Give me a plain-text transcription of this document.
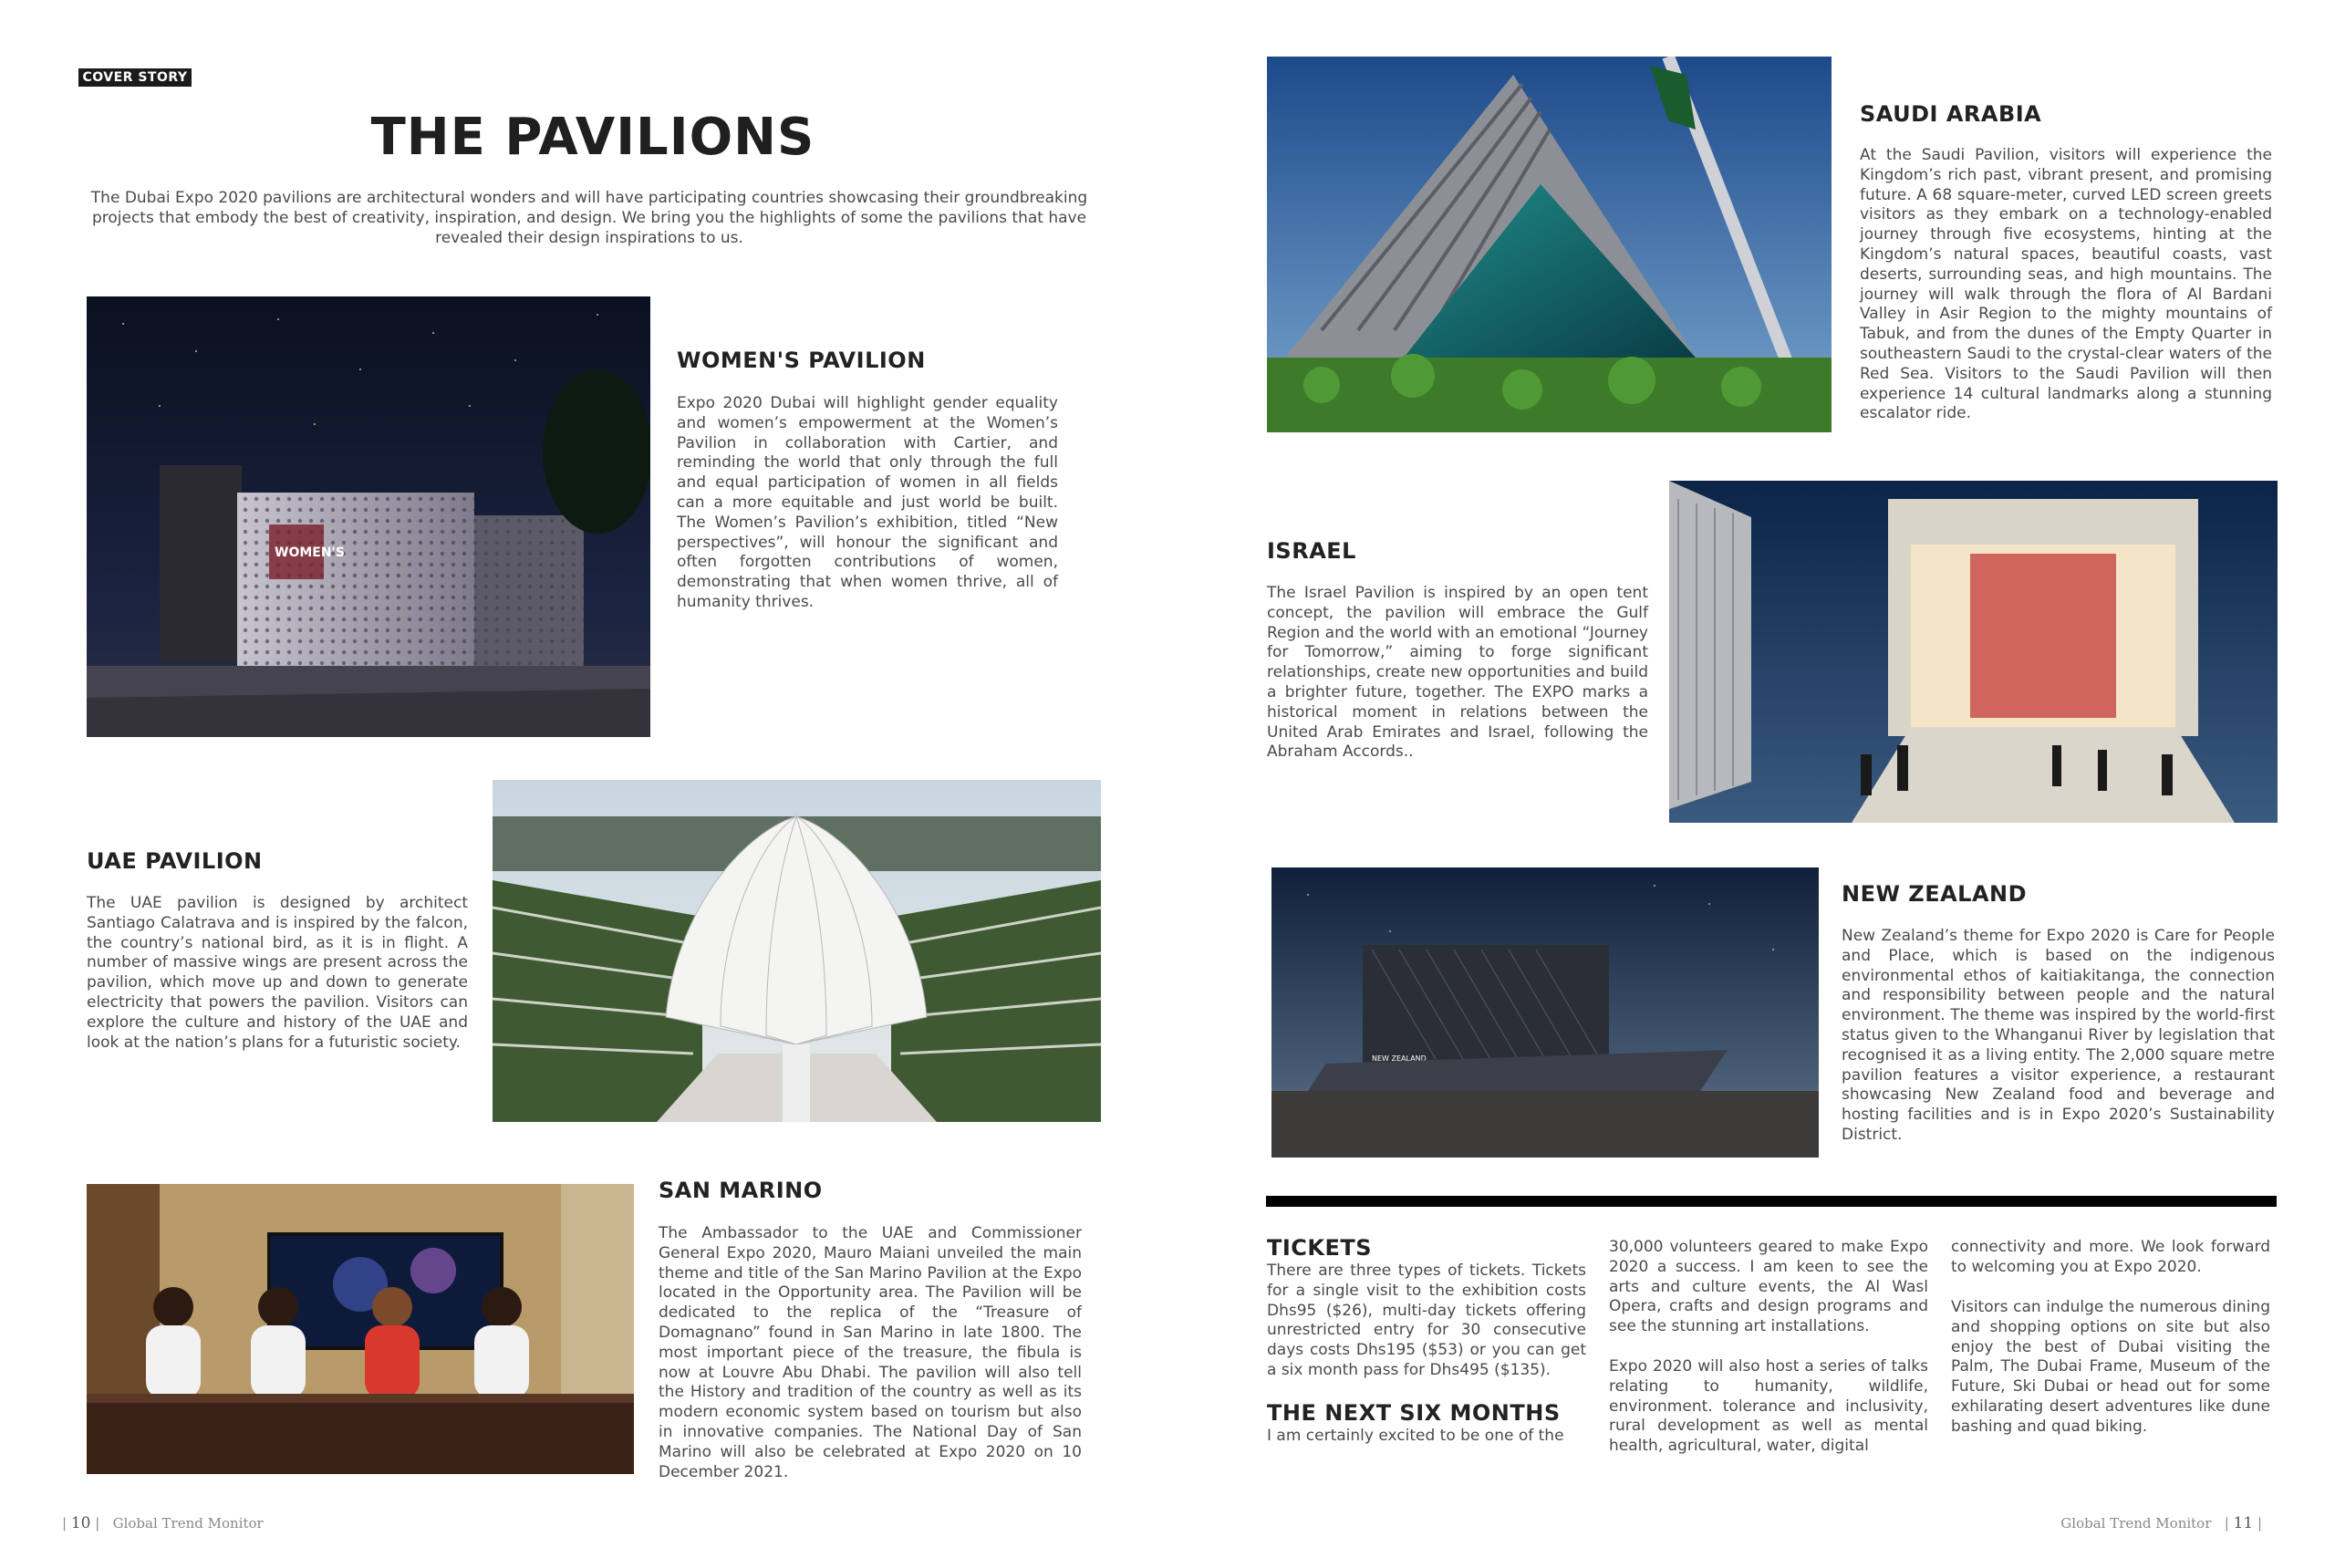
COVER STORY
THE PAVILIONS
The Dubai Expo 2020 pavilions are architectural wonders and will have participating countries showcasing their groundbreaking projects that embody the best of creativity, inspiration, and design. We bring you the highlights of some the pavilions that have revealed their design inspirations to us.
WOMEN'S
WOMEN'S PAVILION
Expo 2020 Dubai will highlight gender equality and women’s empowerment at the Women’s Pavilion in collaboration with Cartier, and reminding the world that only through the full and equal participation of women in all fields can a more equitable and just world be built. The Women’s Pavilion’s exhibition, titled “New perspectives”, will honour the significant and often forgotten contributions of women, demonstrating that when women thrive, all of humanity thrives.
UAE PAVILION
The UAE pavilion is designed by architect Santiago Calatrava and is inspired by the falcon, the country’s national bird, as it is in flight. A number of massive wings are present across the pavilion, which move up and down to generate electricity that powers the pavilion. Visitors can explore the culture and history of the UAE and look at the nation’s plans for a futuristic society.
SAN MARINO
The Ambassador to the UAE and Commissioner General Expo 2020, Mauro Maiani unveiled the main theme and title of the San Marino Pavilion at the Expo located in the Opportunity area. The Pavilion will be dedicated to the replica of the “Treasure of Domagnano” found in San Marino in late 1800. The most important piece of the treasure, the fibula is now at Louvre Abu Dhabi. The pavilion will also tell the History and tradition of the country as well as its modern economic system based on tourism but also in innovative companies. The National Day of San Marino will also be celebrated at Expo 2020 on 10 December 2021.
SAUDI ARABIA
At the Saudi Pavilion, visitors will experience the Kingdom’s rich past, vibrant present, and promising future. A 68 square-meter, curved LED screen greets visitors as they embark on a technology-enabled journey through five ecosystems, hinting at the Kingdom’s natural spaces, beautiful coasts, vast deserts, surrounding seas, and high mountains. The journey will walk through the flora of Al Bardani Valley in Asir Region to the mighty mountains of Tabuk, and from the dunes of the Empty Quarter in southeastern Saudi to the crystal-clear waters of the Red Sea. Visitors to the Saudi Pavilion will then experience 14 cultural landmarks along a stunning escalator ride.
ISRAEL
The Israel Pavilion is inspired by an open tent concept, the pavilion will embrace the Gulf Region and the world with an emotional “Journey for Tomorrow,” aiming to forge significant relationships, create new opportunities and build a brighter future, together. The EXPO marks a historical moment in relations between the United Arab Emirates and Israel, following the Abraham Accords..
NEW ZEALAND
NEW ZEALAND
New Zealand’s theme for Expo 2020 is Care for People and Place, which is based on the indigenous environmental ethos of kaitiakitanga, the connection and responsibility between people and the natural environment. The theme was inspired by the world-first status given to the Whanganui River by legislation that recognised it as a living entity. The 2,000 square metre pavilion features a visitor experience, a restaurant showcasing New Zealand food and beverage and hosting facilities and is in Expo 2020’s Sustainability District.
TICKETS
There are three types of tickets. Tickets for a single visit to the exhibition costs Dhs95 ($26), multi-day tickets offering unrestricted entry for 30 consecutive days costs Dhs195 ($53) or you can get a six month pass for Dhs495 ($135).
THE NEXT SIX MONTHS
I am certainly excited to be one of the
30,000 volunteers geared to make Expo 2020 a success. I am keen to see the arts and culture events, the Al Wasl Opera, crafts and design programs and see the stunning art installations.
Expo 2020 will also host a series of talks relating to humanity, wildlife, environment. tolerance and inclusivity, rural development as well as mental health, agricultural, water, digital
connectivity and more. We look forward to welcoming you at Expo 2020.
Visitors can indulge the numerous dining and shopping options on site but also enjoy the best of Dubai visiting the Palm, The Dubai Frame, Museum of the Future, Ski Dubai or head out for some exhilarating desert adventures like dune bashing and quad biking.
| 10 |   Global Trend Monitor	Global Trend Monitor   | 11 |
